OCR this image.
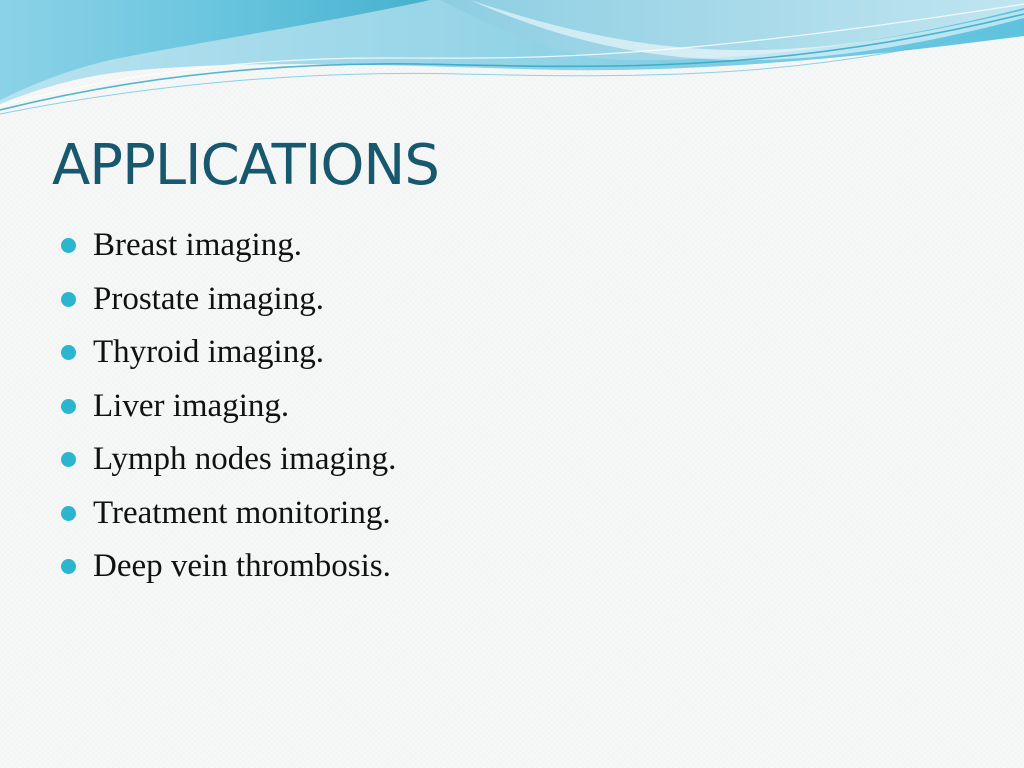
APPLICATIONS
Breast imaging.
Prostate imaging.
Thyroid imaging.
Liver imaging.
Lymph nodes imaging.
Treatment monitoring.
Deep vein thrombosis.
